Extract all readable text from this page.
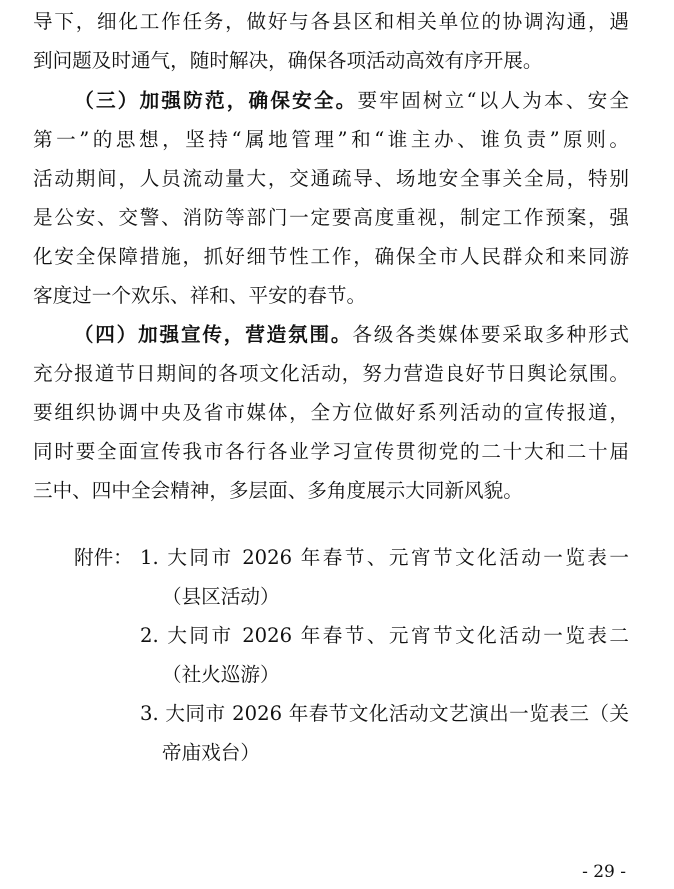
导下，细化工作任务，做好与各县区和相关单位的协调沟通，遇
到问题及时通气，随时解决，确保各项活动高效有序开展。
（三）加强防范，确保安全。要牢固树立“以人为本、安全
第一”的思想，坚持“属地管理”和“谁主办、谁负责”原则。
活动期间，人员流动量大，交通疏导、场地安全事关全局，特别
是公安、交警、消防等部门一定要高度重视，制定工作预案，强
化安全保障措施，抓好细节性工作，确保全市人民群众和来同游
客度过一个欢乐、祥和、平安的春节。
（四）加强宣传，营造氛围。各级各类媒体要采取多种形式
充分报道节日期间的各项文化活动，努力营造良好节日舆论氛围。
要组织协调中央及省市媒体，全方位做好系列活动的宣传报道，
同时要全面宣传我市各行各业学习宣传贯彻党的二十大和二十届
三中、四中全会精神，多层面、多角度展示大同新风貌。
附件： 1. 大同市 2026 年春节、元宵节文化活动一览表一
（县区活动）
2. 大同市 2026 年春节、元宵节文化活动一览表二
（社火巡游）
3. 大同市 2026 年春节文化活动文艺演出一览表三（关
帝庙戏台）
- 29 -
